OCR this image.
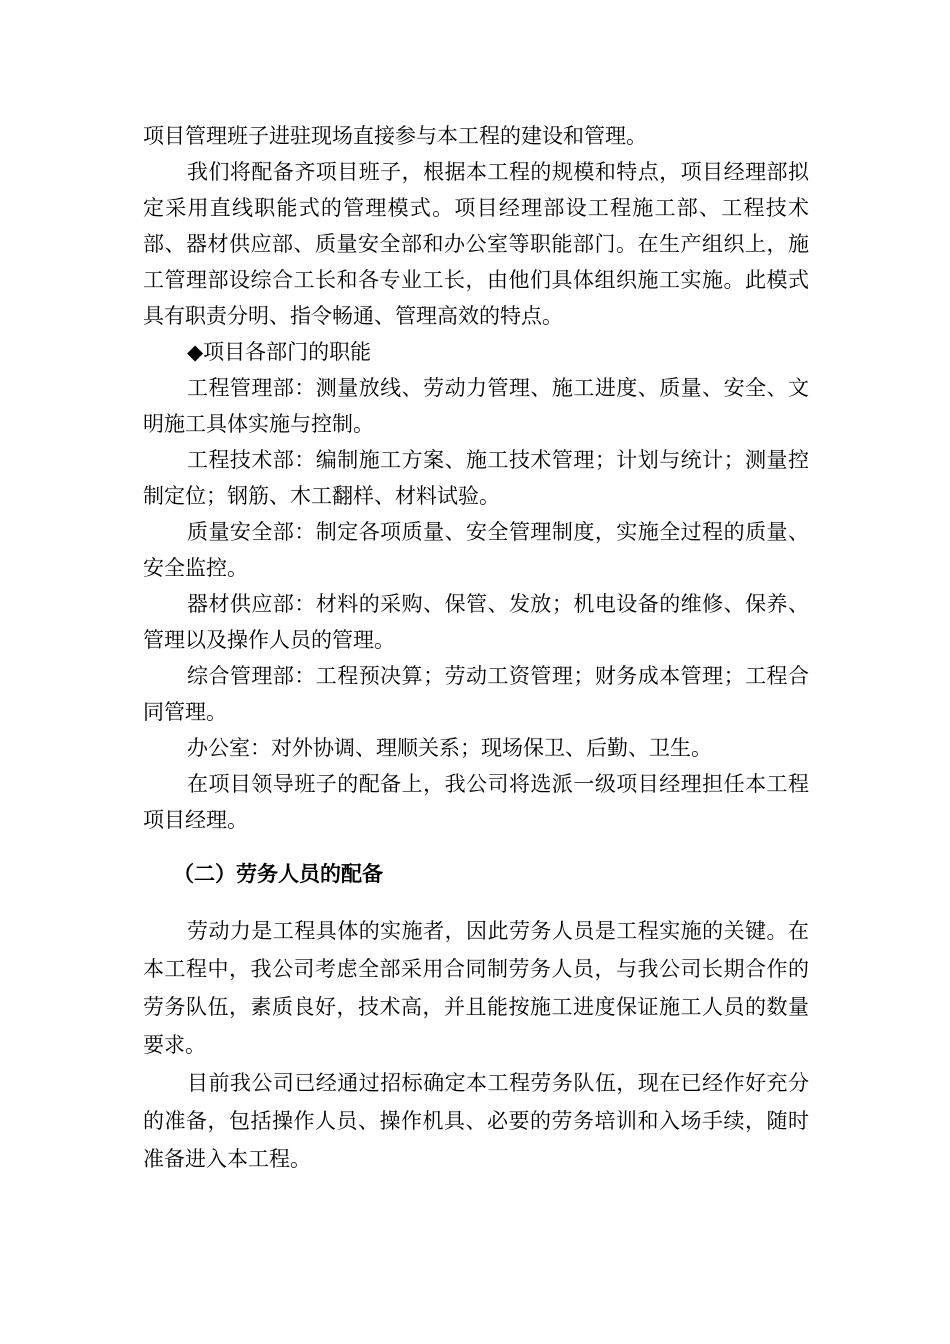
项目管理班子进驻现场直接参与本工程的建设和管理。

我们将配备齐项目班子，根据本工程的规模和特点，项目经理部拟定采用直线职能式的管理模式。项目经理部设工程施工部、工程技术部、器材供应部、质量安全部和办公室等职能部门。在生产组织上，施工管理部设综合工长和各专业工长，由他们具体组织施工实施。此模式具有职责分明、指令畅通、管理高效的特点。

◆项目各部门的职能

工程管理部：测量放线、劳动力管理、施工进度、质量、安全、文明施工具体实施与控制。

工程技术部：编制施工方案、施工技术管理；计划与统计；测量控制定位；钢筋、木工翻样、材料试验。

质量安全部：制定各项质量、安全管理制度，实施全过程的质量、安全监控。

器材供应部：材料的采购、保管、发放；机电设备的维修、保养、管理以及操作人员的管理。

综合管理部：工程预决算；劳动工资管理；财务成本管理；工程合同管理。

办公室：对外协调、理顺关系；现场保卫、后勤、卫生。

在项目领导班子的配备上，我公司将选派一级项目经理担任本工程项目经理。

（二）劳务人员的配备

劳动力是工程具体的实施者，因此劳务人员是工程实施的关键。在本工程中，我公司考虑全部采用合同制劳务人员，与我公司长期合作的劳务队伍，素质良好，技术高，并且能按施工进度保证施工人员的数量要求。

目前我公司已经通过招标确定本工程劳务队伍，现在已经作好充分的准备，包括操作人员、操作机具、必要的劳务培训和入场手续，随时准备进入本工程。
